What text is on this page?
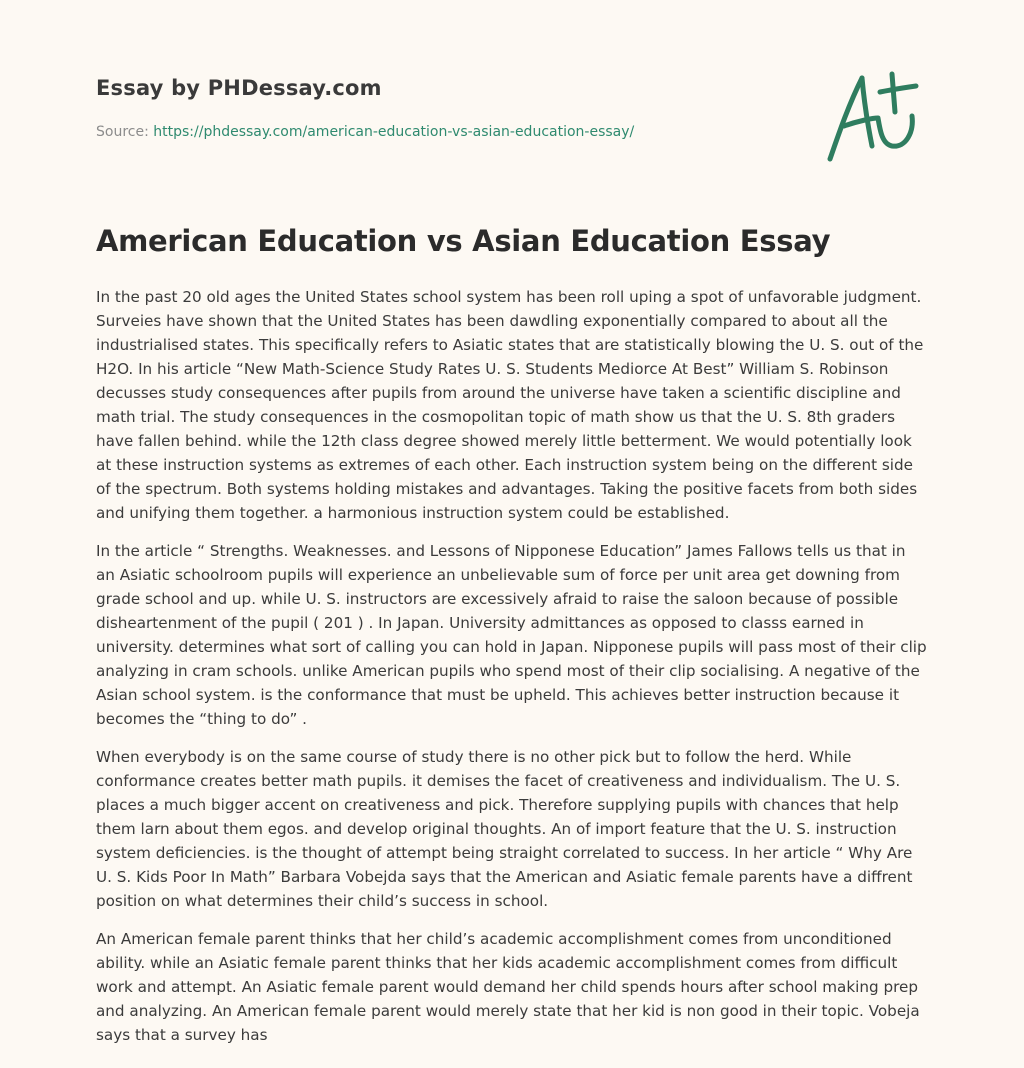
Essay by PHDessay.com
Source: https://phdessay.com/american-education-vs-asian-education-essay/
American Education vs Asian Education Essay

In the past 20 old ages the United States school system has been roll uping a spot of unfavorable judgment. Surveies have shown that the United States has been dawdling exponentially compared to about all the industrialised states. This specifically refers to Asiatic states that are statistically blowing the U. S. out of the H2O. In his article “New Math-Science Study Rates U. S. Students Mediorce At Best” William S. Robinson decusses study consequences after pupils from around the universe have taken a scientific discipline and math trial. The study consequences in the cosmopolitan topic of math show us that the U. S. 8th graders have fallen behind. while the 12th class degree showed merely little betterment. We would potentially look at these instruction systems as extremes of each other. Each instruction system being on the different side of the spectrum. Both systems holding mistakes and advantages. Taking the positive facets from both sides and unifying them together. a harmonious instruction system could be established.

In the article “ Strengths. Weaknesses. and Lessons of Nipponese Education” James Fallows tells us that in an Asiatic schoolroom pupils will experience an unbelievable sum of force per unit area get downing from grade school and up. while U. S. instructors are excessively afraid to raise the saloon because of possible disheartenment of the pupil ( 201 ) . In Japan. University admittances as opposed to classs earned in university. determines what sort of calling you can hold in Japan. Nipponese pupils will pass most of their clip analyzing in cram schools. unlike American pupils who spend most of their clip socialising. A negative of the Asian school system. is the conformance that must be upheld. This achieves better instruction because it becomes the “thing to do” .

When everybody is on the same course of study there is no other pick but to follow the herd. While conformance creates better math pupils. it demises the facet of creativeness and individualism. The U. S. places a much bigger accent on creativeness and pick. Therefore supplying pupils with chances that help them larn about them egos. and develop original thoughts. An of import feature that the U. S. instruction system deficiencies. is the thought of attempt being straight correlated to success. In her article “ Why Are U. S. Kids Poor In Math” Barbara Vobejda says that the American and Asiatic female parents have a diffrent position on what determines their child’s success in school.

An American female parent thinks that her child’s academic accomplishment comes from unconditioned ability. while an Asiatic female parent thinks that her kids academic accomplishment comes from difficult work and attempt. An Asiatic female parent would demand her child spends hours after school making prep and analyzing. An American female parent would merely state that her kid is non good in their topic. Vobeja says that a survey has
